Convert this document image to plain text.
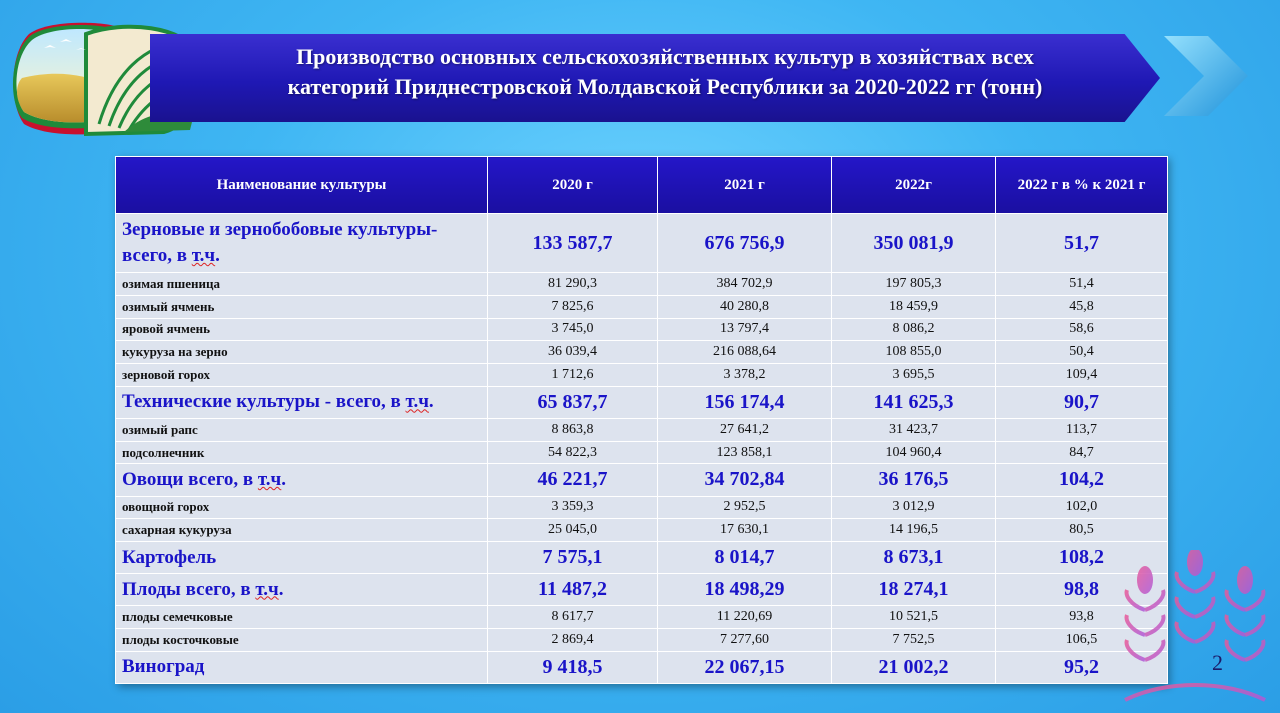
Производство основных сельскохозяйственных культур в хозяйствах всех
категорий Приднестровской Молдавской Республики за 2020-2022 гг (тонн)
Наименование культуры	2020 г	2021 г	2022г	2022 г в % к 2021 г
Зерновые и зернобобовые культуры-
всего, в т.ч.	133 587,7	676 756,9	350 081,9	51,7
озимая пшеница	81 290,3	384 702,9	197 805,3	51,4
озимый ячмень	7 825,6	40 280,8	18 459,9	45,8
яровой ячмень	3 745,0	13 797,4	8 086,2	58,6
кукуруза на зерно	36 039,4	216 088,64	108 855,0	50,4
зерновой горох	1 712,6	3 378,2	3 695,5	109,4
Технические культуры - всего, в т.ч.	65 837,7	156 174,4	141 625,3	90,7
озимый рапс	8 863,8	27 641,2	31 423,7	113,7
подсолнечник	54 822,3	123 858,1	104 960,4	84,7
Овощи всего, в т.ч.	46 221,7	34 702,84	36 176,5	104,2
овощной горох	3 359,3	2 952,5	3 012,9	102,0
сахарная кукуруза	25 045,0	17 630,1	14 196,5	80,5
Картофель	7 575,1	8 014,7	8 673,1	108,2
Плоды всего, в т.ч.	11 487,2	18 498,29	18 274,1	98,8
плоды семечковые	8 617,7	11 220,69	10 521,5	93,8
плоды косточковые	2 869,4	7 277,60	7 752,5	106,5
Виноград	9 418,5	22 067,15	21 002,2	95,2	2
